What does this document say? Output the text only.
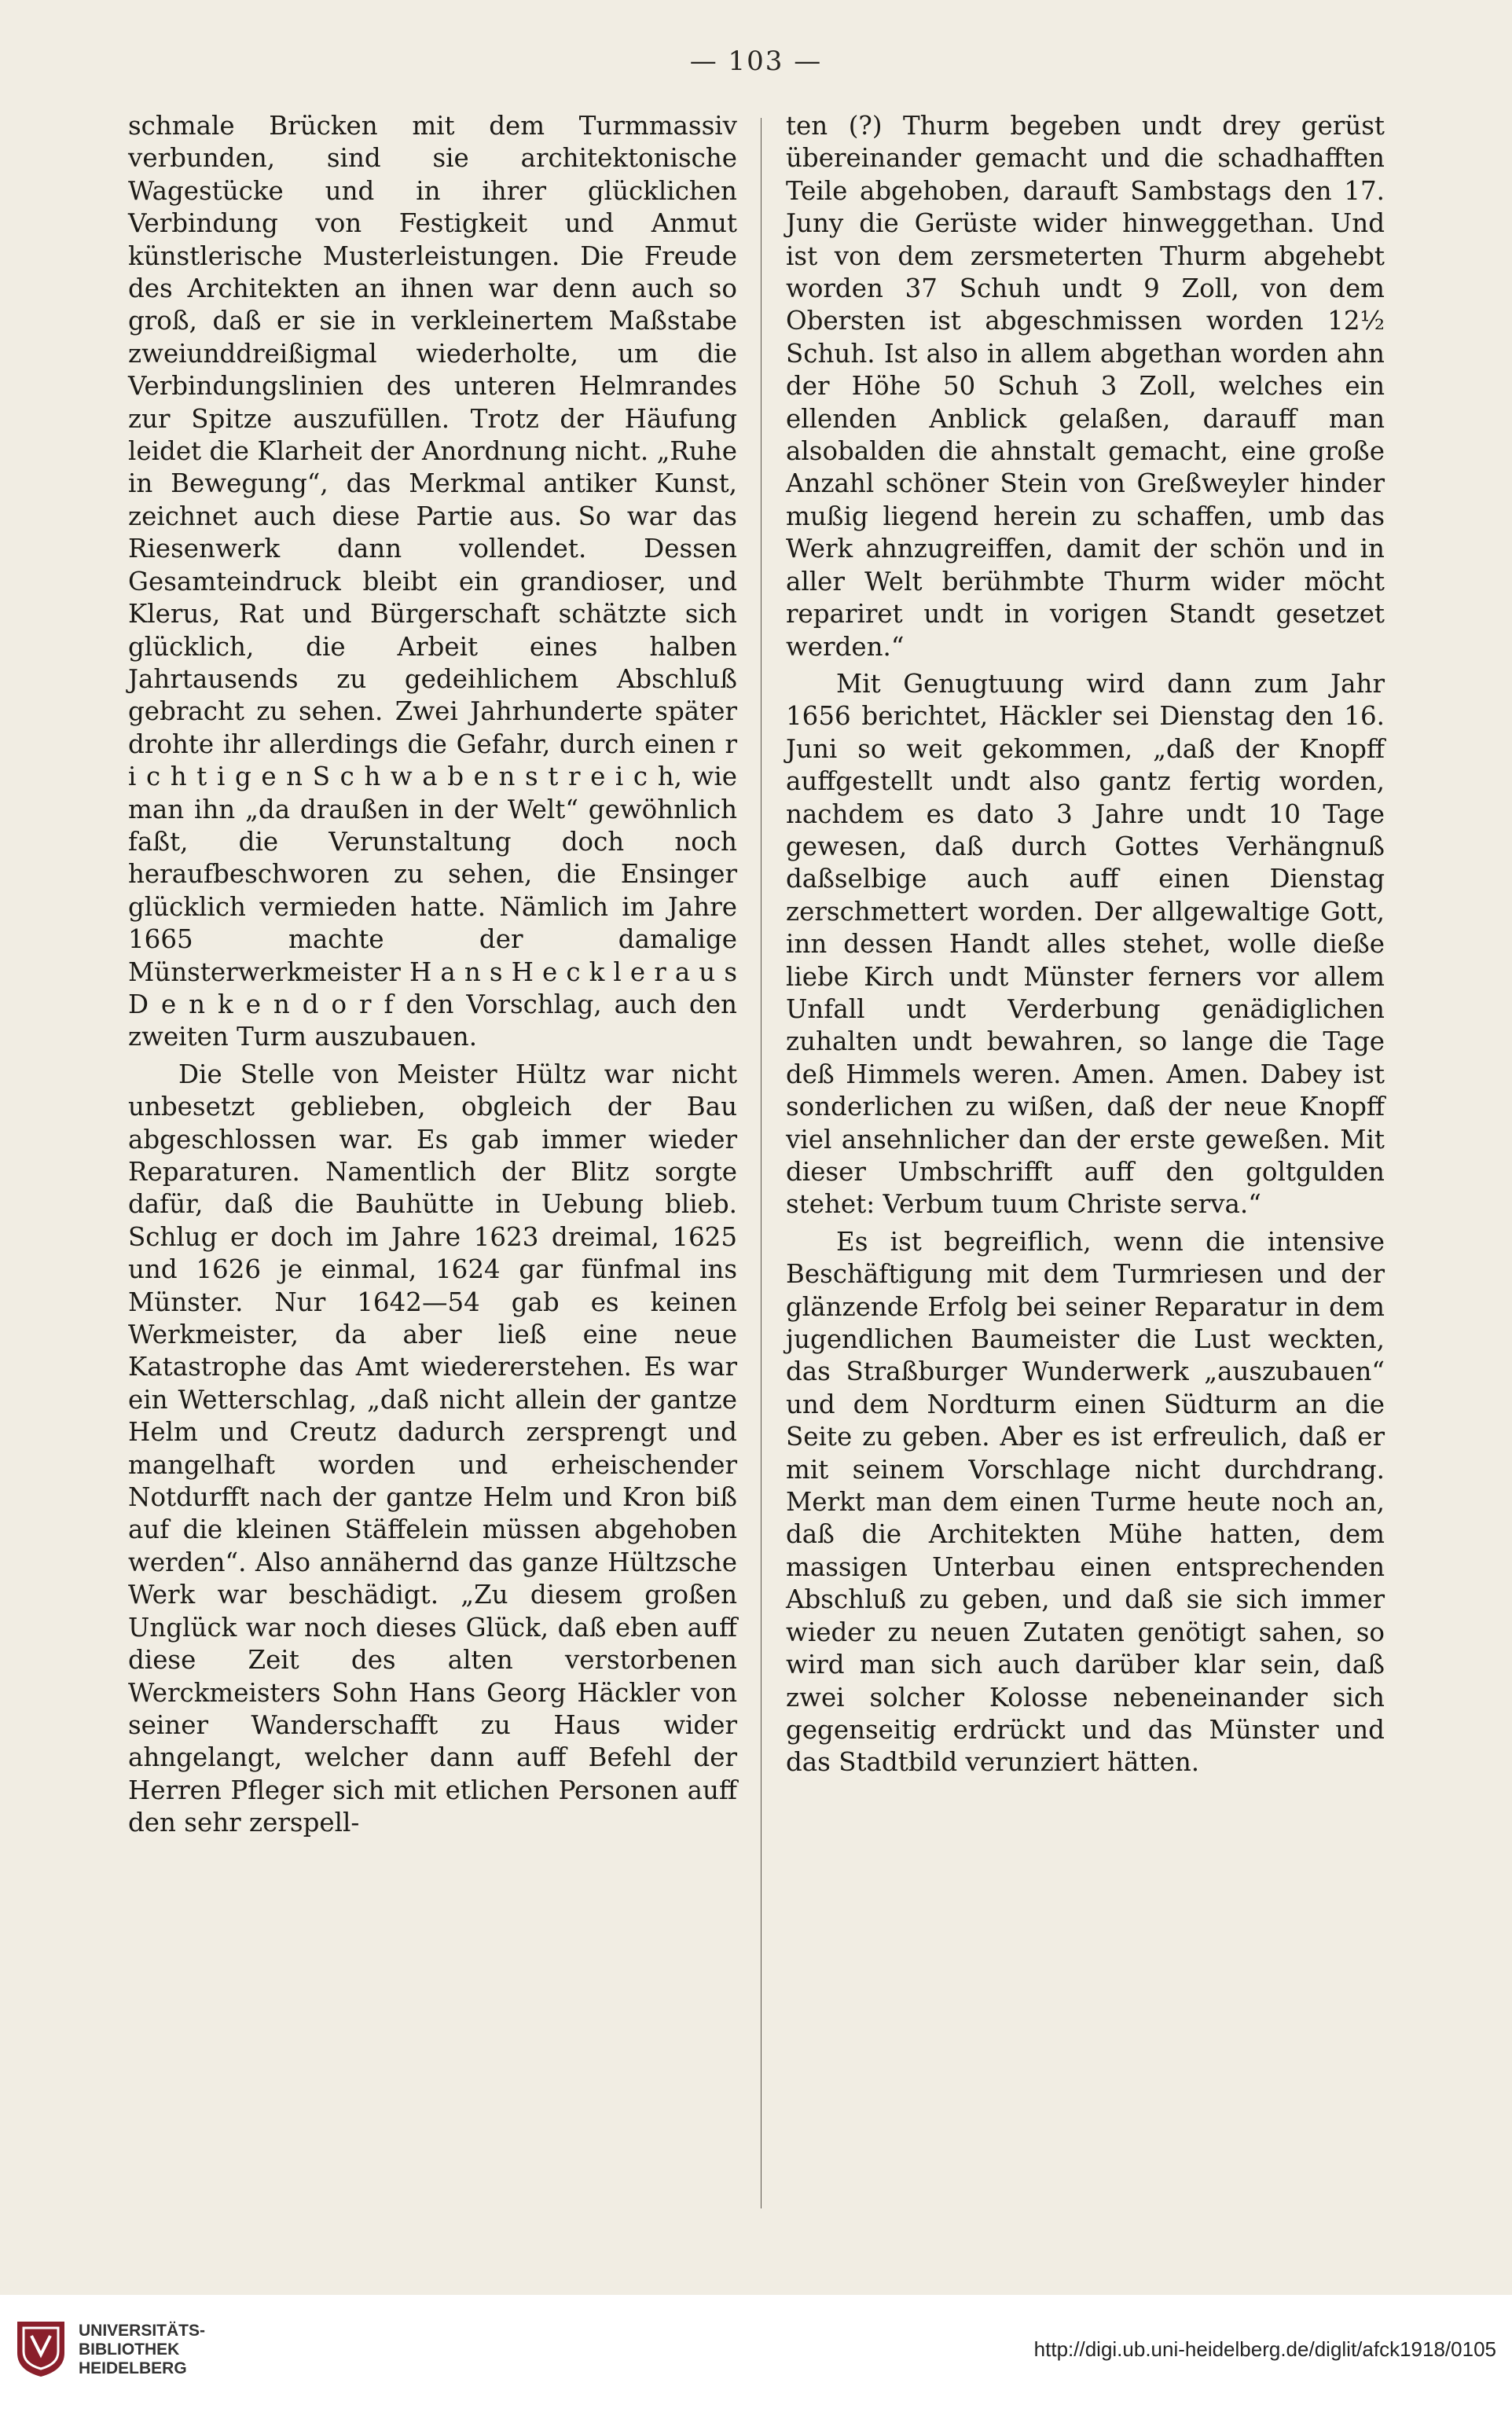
— 103 —

schmale Brücken mit dem Turmmassiv verbunden, sind sie architektonische Wagestücke und in ihrer glücklichen Verbindung von Festigkeit und Anmut künstlerische Musterleistungen. Die Freude des Architekten an ihnen war denn auch so groß, daß er sie in verkleinertem Maßstabe zweiunddreißigmal wiederholte, um die Verbindungslinien des unteren Helmrandes zur Spitze auszufüllen. Trotz der Häufung leidet die Klarheit der Anordnung nicht. „Ruhe in Bewegung“, das Merkmal antiker Kunst, zeichnet auch diese Partie aus. So war das Riesenwerk dann vollendet. Dessen Gesamteindruck bleibt ein grandioser, und Klerus, Rat und Bürgerschaft schätzte sich glücklich, die Arbeit eines halben Jahrtausends zu gedeihlichem Abschluß gebracht zu sehen. Zwei Jahrhunderte später drohte ihr allerdings die Gefahr, durch einen r i c h t i g e n S c h w a b e n s t r e i c h, wie man ihn „da draußen in der Welt“ gewöhnlich faßt, die Verunstaltung doch noch heraufbeschworen zu sehen, die Ensinger glücklich vermieden hatte. Nämlich im Jahre 1665 machte der damalige Münsterwerkmeister H a n s H e c k l e r a u s D e n k e n d o r f den Vorschlag, auch den zweiten Turm auszubauen.

Die Stelle von Meister Hültz war nicht unbesetzt geblieben, obgleich der Bau abgeschlossen war. Es gab immer wieder Reparaturen. Namentlich der Blitz sorgte dafür, daß die Bauhütte in Uebung blieb. Schlug er doch im Jahre 1623 dreimal, 1625 und 1626 je einmal, 1624 gar fünfmal ins Münster. Nur 1642—54 gab es keinen Werkmeister, da aber ließ eine neue Katastrophe das Amt wiedererstehen. Es war ein Wetterschlag, „daß nicht allein der gantze Helm und Creutz dadurch zersprengt und mangelhaft worden und erheischender Notdurfft nach der gantze Helm und Kron biß auf die kleinen Stäffelein müssen abgehoben werden“. Also annähernd das ganze Hültzsche Werk war beschädigt. „Zu diesem großen Unglück war noch dieses Glück, daß eben auff diese Zeit des alten verstorbenen Werckmeisters Sohn Hans Georg Häckler von seiner Wanderschafft zu Haus wider ahngelangt, welcher dann auff Befehl der Herren Pfleger sich mit etlichen Personen auff den sehr zerspell-

ten (?) Thurm begeben undt drey gerüst übereinander gemacht und die schadhafften Teile abgehoben, darauft Sambstags den 17. Juny die Gerüste wider hinweggethan. Und ist von dem zersmeterten Thurm abgehebt worden 37 Schuh undt 9 Zoll, von dem Obersten ist abgeschmissen worden 12½ Schuh. Ist also in allem abgethan worden ahn der Höhe 50 Schuh 3 Zoll, welches ein ellenden Anblick gelaßen, darauff man alsobalden die ahnstalt gemacht, eine große Anzahl schöner Stein von Greßweyler hinder mußig liegend herein zu schaffen, umb das Werk ahnzugreiffen, damit der schön und in aller Welt berühmbte Thurm wider möcht repariret undt in vorigen Standt gesetzet werden.“

Mit Genugtuung wird dann zum Jahr 1656 berichtet, Häckler sei Dienstag den 16. Juni so weit gekommen, „daß der Knopff auffgestellt undt also gantz fertig worden, nachdem es dato 3 Jahre undt 10 Tage gewesen, daß durch Gottes Verhängnuß daßselbige auch auff einen Dienstag zerschmettert worden. Der allgewaltige Gott, inn dessen Handt alles stehet, wolle dieße liebe Kirch undt Münster ferners vor allem Unfall undt Verderbung genädiglichen zuhalten undt bewahren, so lange die Tage deß Himmels weren. Amen. Amen. Dabey ist sonderlichen zu wißen, daß der neue Knopff viel ansehnlicher dan der erste geweßen. Mit dieser Umbschrifft auff den goltgulden stehet: Verbum tuum Christe serva.“

Es ist begreiflich, wenn die intensive Beschäftigung mit dem Turmriesen und der glänzende Erfolg bei seiner Reparatur in dem jugendlichen Baumeister die Lust weckten, das Straßburger Wunderwerk „auszubauen“ und dem Nordturm einen Südturm an die Seite zu geben. Aber es ist erfreulich, daß er mit seinem Vorschlage nicht durchdrang. Merkt man dem einen Turme heute noch an, daß die Architekten Mühe hatten, dem massigen Unterbau einen entsprechenden Abschluß zu geben, und daß sie sich immer wieder zu neuen Zutaten genötigt sahen, so wird man sich auch darüber klar sein, daß zwei solcher Kolosse nebeneinander sich gegenseitig erdrückt und das Münster und das Stadtbild verunziert hätten.

UNIVERSITÄTS-
BIBLIOTHEK
HEIDELBERG
http://digi.ub.uni-heidelberg.de/diglit/afck1918/0105
